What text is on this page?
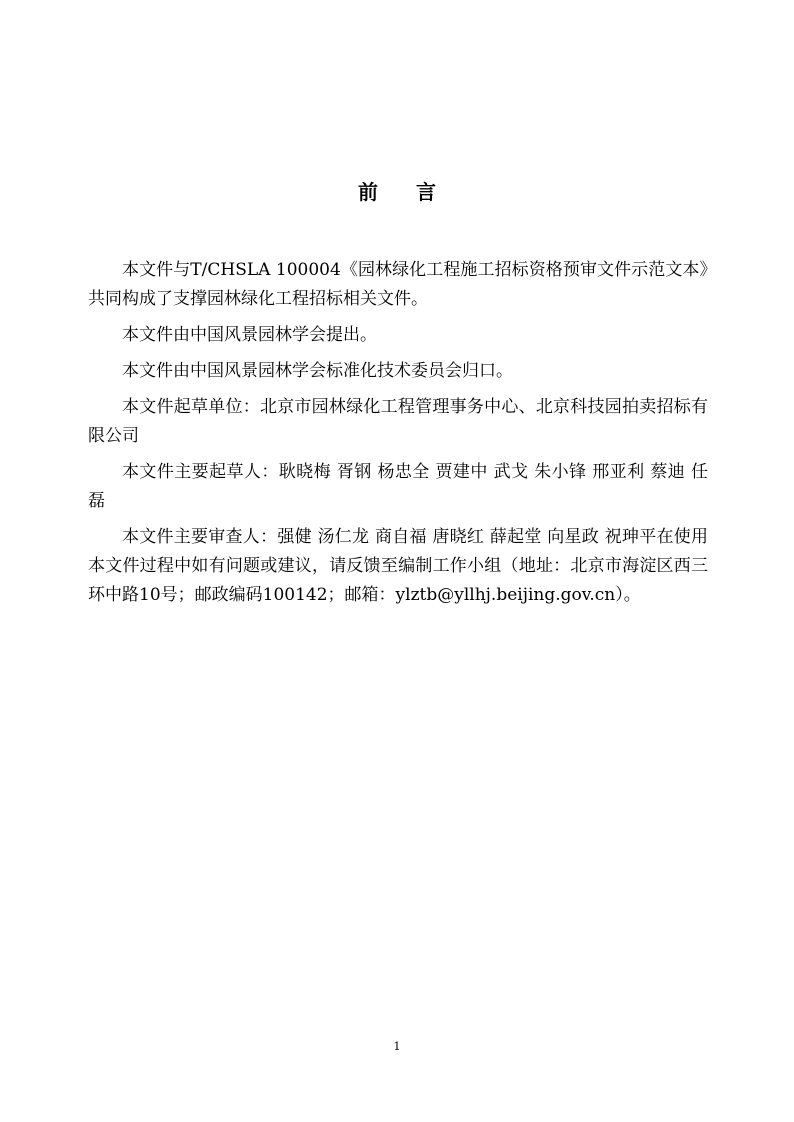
前言

本文件与T/CHSLA 100004《园林绿化工程施工招标资格预审文件示范文本》共同构成了支撑园林绿化工程招标相关文件。

本文件由中国风景园林学会提出。

本文件由中国风景园林学会标准化技术委员会归口。

本文件起草单位：北京市园林绿化工程管理事务中心、北京科技园拍卖招标有限公司

本文件主要起草人：耿晓梅 胥钢 杨忠全 贾建中 武戈 朱小锋 邢亚利 蔡迪 任磊

本文件主要审查人：强健 汤仁龙 商自福 唐晓红 薛起堂 向星政 祝珅平在使用本文件过程中如有问题或建议，请反馈至编制工作小组（地址：北京市海淀区西三环中路10号；邮政编码100142；邮箱：ylztb@yllhj.beijing.gov.cn）。

1
